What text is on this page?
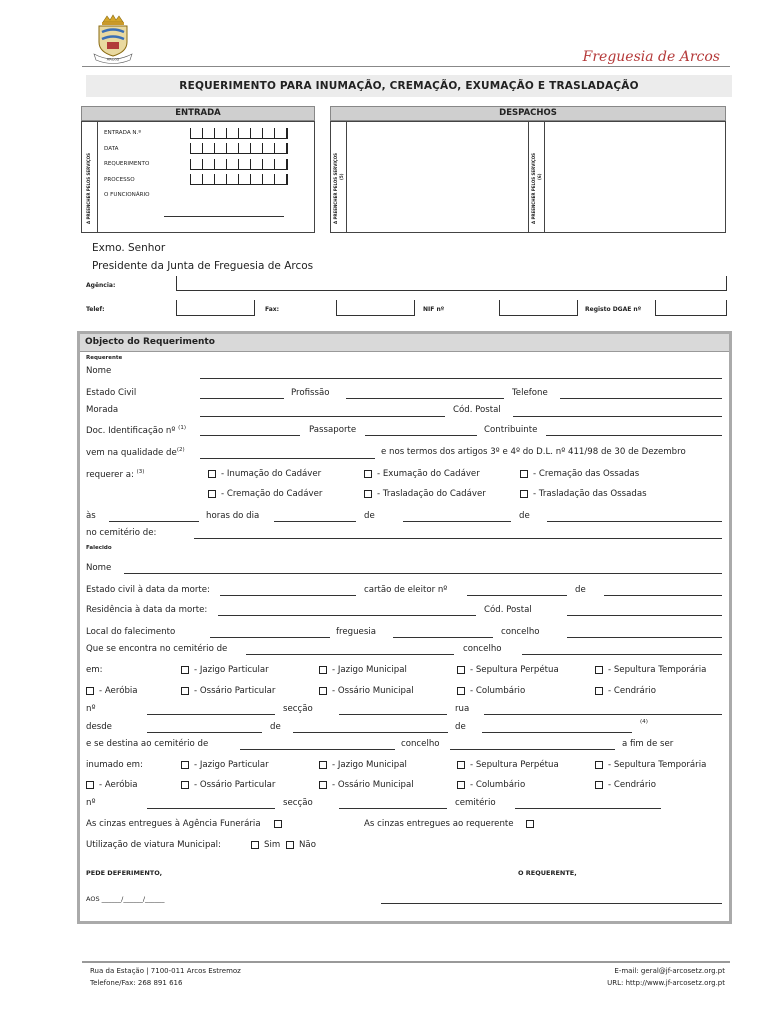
ARCOS	Freguesia de Arcos
REQUERIMENTO PARA INUMAÇÃO, CREMAÇÃO, EXUMAÇÃO E TRASLADAÇÃO
ENTRADA
A PREENCHER PELOS SERVIÇOS
ENTRADA N.º
DATA
REQUERIMENTO
PROCESSO
O FUNCIONÁRIO
DESPACHOS
A PREENCHER PELOS SERVIÇOS (5)	A PREENCHER PELOS SERVIÇOS (6)
Exmo. Senhor
Presidente da Junta de Freguesia de Arcos
Agência:
Telef:	Fax:	NIF nº	Registo DGAE nº
Objecto do Requerimento
Requerente
Nome
Estado Civil	Profissão	Telefone
Morada	Cód. Postal
Doc. Identificação nº $^{(1)}$	Passaporte	Contribuinte
vem na qualidade $de^{(2)}$	e nos termos dos artigos 3º e 4º do D.L. nº 411/98 de 30 de Dezembro
requerer a: $^{(3)}$	- Inumação do Cadáver	- Exumação do Cadáver	- Cremação das Ossadas
- Cremação do Cadáver	- Trasladação do Cadáver	- Trasladação das Ossadas
às	horas do dia	de	de
no cemitério de:
Falecido
Nome
Estado civil à data da morte:	cartão de eleitor nº	de
Residência à data da morte:	Cód. Postal
Local do falecimento	freguesia	concelho
Que se encontra no cemitério de	concelho
em:	- Jazigo Particular	- Jazigo Municipal	- Sepultura Perpétua	- Sepultura Temporária
- Aeróbia	- Ossário Particular	- Ossário Municipal	- Columbário	- Cendrário
nº	secção	rua
desde	de	de	(4)
e se destina ao cemitério de	concelho	a fim de ser
inumado em:	- Jazigo Particular	- Jazigo Municipal	- Sepultura Perpétua	- Sepultura Temporária
- Aeróbia	- Ossário Particular	- Ossário Municipal	- Columbário	- Cendrário
nº	secção	cemitério
As cinzas entregues à Agência Funerária	As cinzas entregues ao requerente
Utilização de viatura Municipal:	Sim Não
PEDE DEFERIMENTO,	O REQUERENTE,
AOS ______/______/______
Rua da Estação | 7100-011 Arcos Estremoz
Telefone/Fax: 268 891 616
E-mail: geral@jf-arcosetz.org.pt
URL: http://www.jf-arcosetz.org.pt
